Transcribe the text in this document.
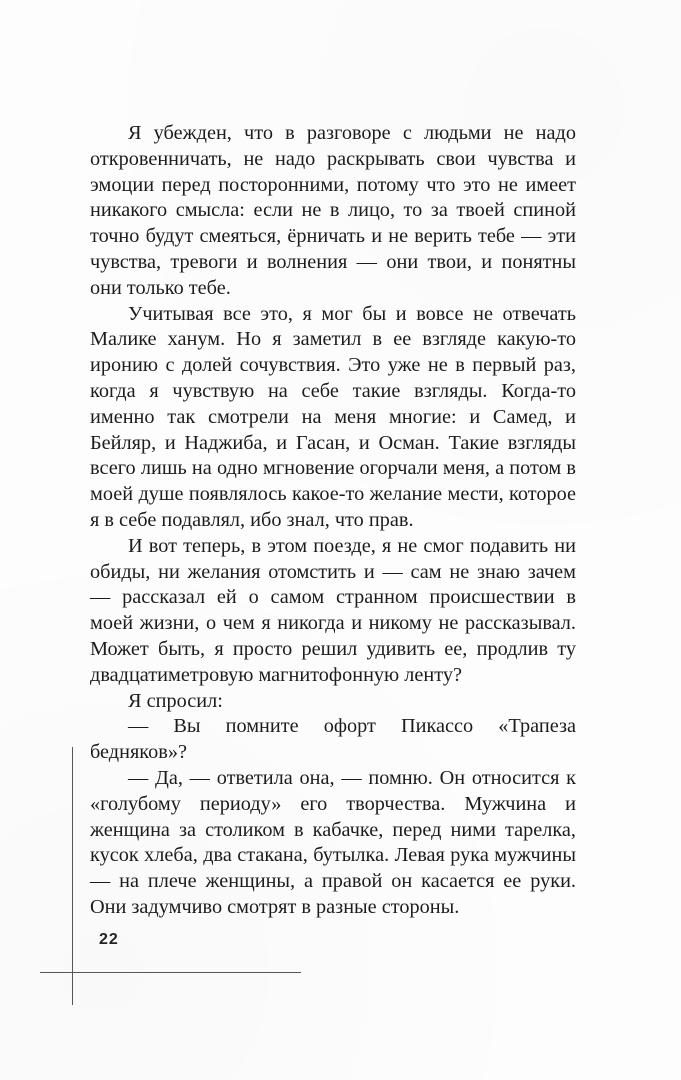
Я убежден, что в разговоре с людьми не надо откровенничать, не надо раскрывать свои чувства и эмоции перед посторонними, потому что это не имеет никакого смысла: если не в лицо, то за твоей спиной точно будут смеяться, ёрничать и не верить тебе — эти чувства, тревоги и волнения — они твои, и понятны они только тебе.

Учитывая все это, я мог бы и вовсе не отвечать Малике ханум. Но я заметил в ее взгляде какую-то иронию с долей сочувствия. Это уже не в первый раз, когда я чувствую на себе такие взгляды. Когда-то именно так смотрели на меня многие: и Самед, и Бейляр, и Наджиба, и Гасан, и Осман. Такие взгляды всего лишь на одно мгновение огорчали меня, а потом в моей душе появлялось какое-то желание мести, которое я в себе подавлял, ибо знал, что прав.

И вот теперь, в этом поезде, я не смог подавить ни обиды, ни желания отомстить и — сам не знаю зачем — рассказал ей о самом странном происшествии в моей жизни, о чем я никогда и никому не рассказывал. Может быть, я просто решил удивить ее, продлив ту двадцатиметровую магнитофонную ленту?

Я спросил:

— Вы помните офорт Пикассо «Трапеза бедняков»?

— Да, — ответила она, — помню. Он относится к «голубому периоду» его творчества. Мужчина и женщина за столиком в кабачке, перед ними тарелка, кусок хлеба, два стакана, бутылка. Левая рука мужчины — на плече женщины, а правой он касается ее руки. Они задумчиво смотрят в разные стороны.

22
